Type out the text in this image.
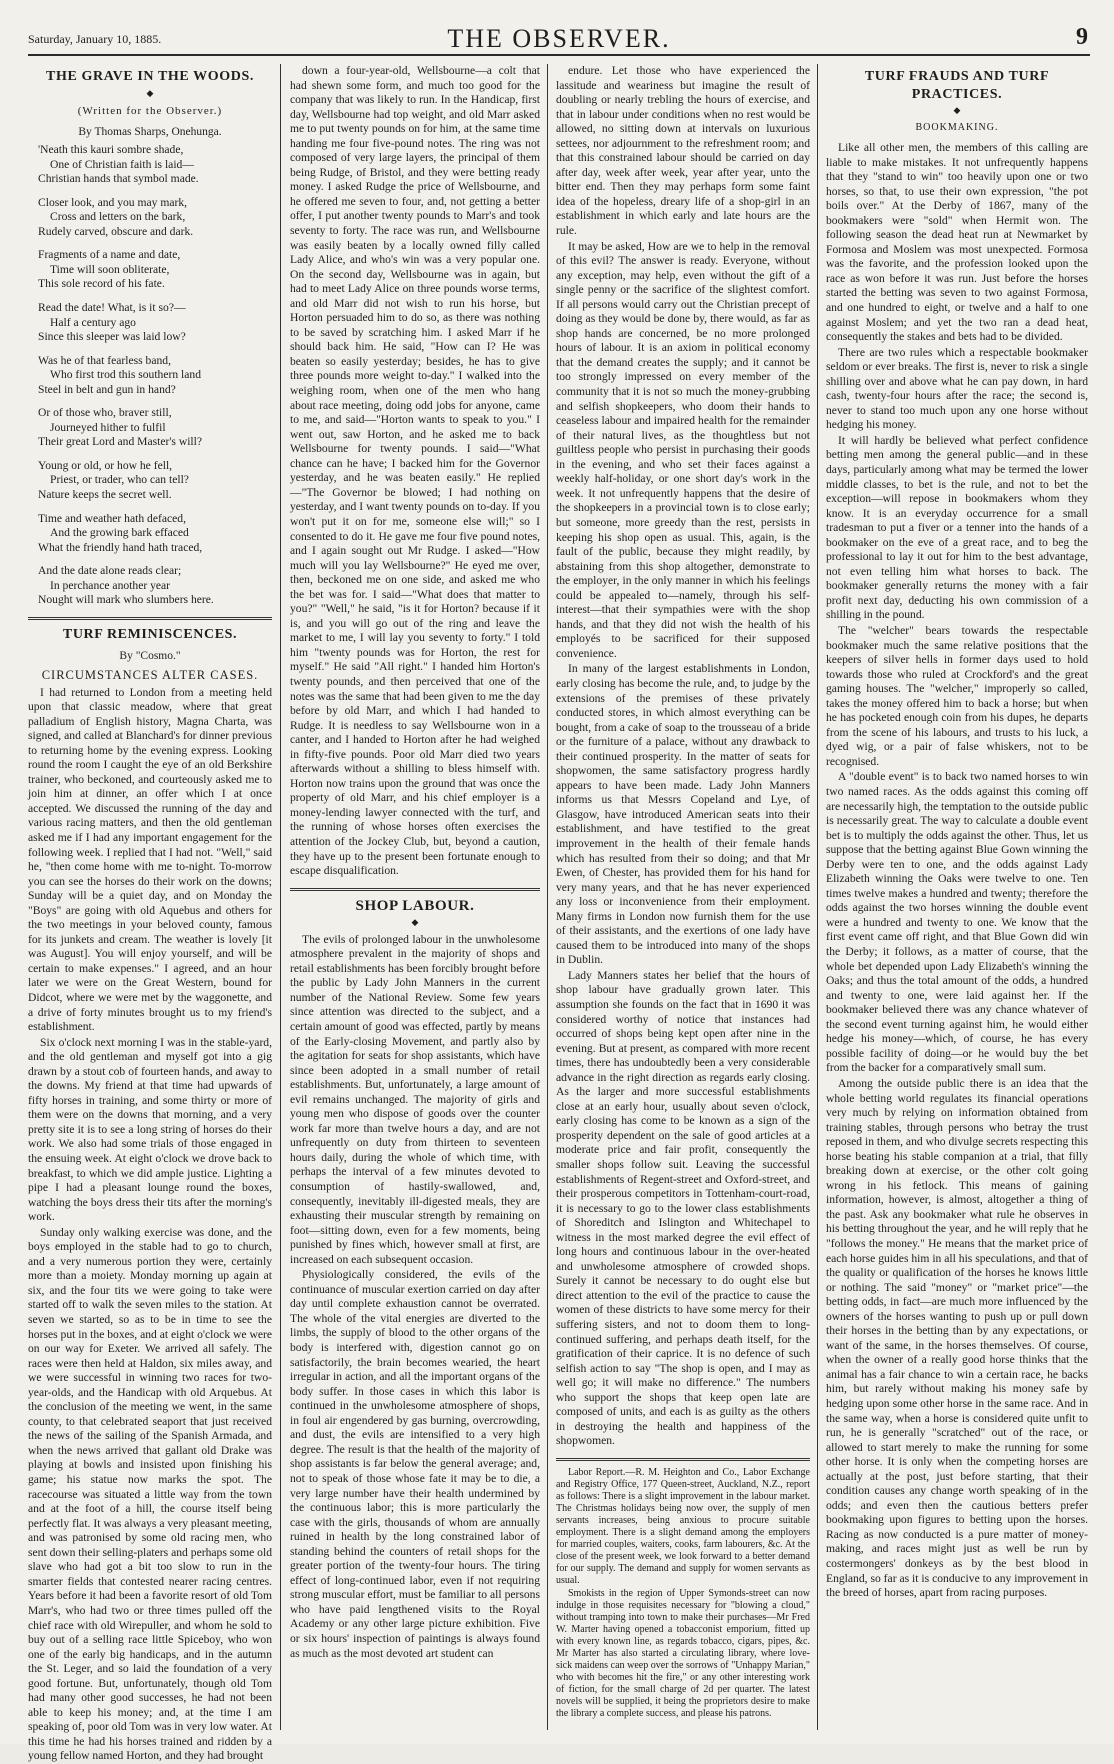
Saturday, January 10, 1885.	THE OBSERVER.	9
THE GRAVE IN THE WOODS.
◆
(Written for the Observer.)
By Thomas Sharps, Onehunga.
'Neath this kauri sombre shade,
One of Christian faith is laid—
Christian hands that symbol made.
Closer look, and you may mark,
Cross and letters on the bark,
Rudely carved, obscure and dark.
Fragments of a name and date,
Time will soon obliterate,
This sole record of his fate.
Read the date! What, is it so?—
Half a century ago
Since this sleeper was laid low?
Was he of that fearless band,
Who first trod this southern land
Steel in belt and gun in hand?
Or of those who, braver still,
Journeyed hither to fulfil
Their great Lord and Master's will?
Young or old, or how he fell,
Priest, or trader, who can tell?
Nature keeps the secret well.
Time and weather hath defaced,
And the growing bark effaced
What the friendly hand hath traced,
And the date alone reads clear;
In perchance another year
Nought will mark who slumbers here.
TURF REMINISCENCES.
By "Cosmo."
CIRCUMSTANCES ALTER CASES.
I had returned to London from a meeting held upon that classic meadow, where that great palladium of English history, Magna Charta, was signed, and called at Blanchard's for dinner previous to returning home by the evening express. Looking round the room I caught the eye of an old Berkshire trainer, who beckoned, and courteously asked me to join him at dinner, an offer which I at once accepted. We discussed the running of the day and various racing matters, and then the old gentleman asked me if I had any important engagement for the following week. I replied that I had not. "Well," said he, "then come home with me to-night. To-morrow you can see the horses do their work on the downs; Sunday will be a quiet day, and on Monday the "Boys" are going with old Aquebus and others for the two meetings in your beloved county, famous for its junkets and cream. The weather is lovely [it was August]. You will enjoy yourself, and will be certain to make expenses." I agreed, and an hour later we were on the Great Western, bound for Didcot, where we were met by the waggonette, and a drive of forty minutes brought us to my friend's establishment.
Six o'clock next morning I was in the stable-yard, and the old gentleman and myself got into a gig drawn by a stout cob of fourteen hands, and away to the downs. My friend at that time had upwards of fifty horses in training, and some thirty or more of them were on the downs that morning, and a very pretty site it is to see a long string of horses do their work. We also had some trials of those engaged in the ensuing week. At eight o'clock we drove back to breakfast, to which we did ample justice. Lighting a pipe I had a pleasant lounge round the boxes, watching the boys dress their tits after the morning's work.
Sunday only walking exercise was done, and the boys employed in the stable had to go to church, and a very numerous portion they were, certainly more than a moiety. Monday morning up again at six, and the four tits we were going to take were started off to walk the seven miles to the station. At seven we started, so as to be in time to see the horses put in the boxes, and at eight o'clock we were on our way for Exeter. We arrived all safely. The races were then held at Haldon, six miles away, and we were successful in winning two races for two-year-olds, and the Handicap with old Arquebus. At the conclusion of the meeting we went, in the same county, to that celebrated seaport that just received the news of the sailing of the Spanish Armada, and when the news arrived that gallant old Drake was playing at bowls and insisted upon finishing his game; his statue now marks the spot. The racecourse was situated a little way from the town and at the foot of a hill, the course itself being perfectly flat. It was always a very pleasant meeting, and was patronised by some old racing men, who sent down their selling-platers and perhaps some old slave who had got a bit too slow to run in the smarter fields that contested nearer racing centres. Years before it had been a favorite resort of old Tom Marr's, who had two or three times pulled off the chief race with old Wirepuller, and whom he sold to buy out of a selling race little Spiceboy, who won one of the early big handicaps, and in the autumn the St. Leger, and so laid the foundation of a very good fortune. But, unfortunately, though old Tom had many other good successes, he had not been able to keep his money; and, at the time I am speaking of, poor old Tom was in very low water. At this time he had his horses trained and ridden by a young fellow named Horton, and they had brought
down a four-year-old, Wellsbourne—a colt that had shewn some form, and much too good for the company that was likely to run. In the Handicap, first day, Wellsbourne had top weight, and old Marr asked me to put twenty pounds on for him, at the same time handing me four five-pound notes. The ring was not composed of very large layers, the principal of them being Rudge, of Bristol, and they were betting ready money. I asked Rudge the price of Wellsbourne, and he offered me seven to four, and, not getting a better offer, I put another twenty pounds to Marr's and took seventy to forty. The race was run, and Wellsbourne was easily beaten by a locally owned filly called Lady Alice, and who's win was a very popular one. On the second day, Wellsbourne was in again, but had to meet Lady Alice on three pounds worse terms, and old Marr did not wish to run his horse, but Horton persuaded him to do so, as there was nothing to be saved by scratching him. I asked Marr if he should back him. He said, "How can I? He was beaten so easily yesterday; besides, he has to give three pounds more weight to-day." I walked into the weighing room, when one of the men who hang about race meeting, doing odd jobs for anyone, came to me, and said—"Horton wants to speak to you." I went out, saw Horton, and he asked me to back Wellsbourne for twenty pounds. I said—"What chance can he have; I backed him for the Governor yesterday, and he was beaten easily." He replied—"The Governor be blowed; I had nothing on yesterday, and I want twenty pounds on to-day. If you won't put it on for me, someone else will;" so I consented to do it. He gave me four five pound notes, and I again sought out Mr Rudge. I asked—"How much will you lay Wellsbourne?" He eyed me over, then, beckoned me on one side, and asked me who the bet was for. I said—"What does that matter to you?" "Well," he said, "is it for Horton? because if it is, and you will go out of the ring and leave the market to me, I will lay you seventy to forty." I told him "twenty pounds was for Horton, the rest for myself." He said "All right." I handed him Horton's twenty pounds, and then perceived that one of the notes was the same that had been given to me the day before by old Marr, and which I had handed to Rudge. It is needless to say Wellsbourne won in a canter, and I handed to Horton after he had weighed in fifty-five pounds. Poor old Marr died two years afterwards without a shilling to bless himself with. Horton now trains upon the ground that was once the property of old Marr, and his chief employer is a money-lending lawyer connected with the turf, and the running of whose horses often exercises the attention of the Jockey Club, but, beyond a caution, they have up to the present been fortunate enough to escape disqualification.
SHOP LABOUR.
◆
The evils of prolonged labour in the unwholesome atmosphere prevalent in the majority of shops and retail establishments has been forcibly brought before the public by Lady John Manners in the current number of the National Review. Some few years since attention was directed to the subject, and a certain amount of good was effected, partly by means of the Early-closing Movement, and partly also by the agitation for seats for shop assistants, which have since been adopted in a small number of retail establishments. But, unfortunately, a large amount of evil remains unchanged. The majority of girls and young men who dispose of goods over the counter work far more than twelve hours a day, and are not unfrequently on duty from thirteen to seventeen hours daily, during the whole of which time, with perhaps the interval of a few minutes devoted to consumption of hastily-swallowed, and, consequently, inevitably ill-digested meals, they are exhausting their muscular strength by remaining on foot—sitting down, even for a few moments, being punished by fines which, however small at first, are increased on each subsequent occasion.
Physiologically considered, the evils of the continuance of muscular exertion carried on day after day until complete exhaustion cannot be overrated. The whole of the vital energies are diverted to the limbs, the supply of blood to the other organs of the body is interfered with, digestion cannot go on satisfactorily, the brain becomes wearied, the heart irregular in action, and all the important organs of the body suffer. In those cases in which this labor is continued in the unwholesome atmosphere of shops, in foul air engendered by gas burning, overcrowding, and dust, the evils are intensified to a very high degree. The result is that the health of the majority of shop assistants is far below the general average; and, not to speak of those whose fate it may be to die, a very large number have their health undermined by the continuous labor; this is more particularly the case with the girls, thousands of whom are annually ruined in health by the long constrained labor of standing behind the counters of retail shops for the greater portion of the twenty-four hours. The tiring effect of long-continued labor, even if not requiring strong muscular effort, must be familiar to all persons who have paid lengthened visits to the Royal Academy or any other large picture exhibition. Five or six hours' inspection of paintings is always found as much as the most devoted art student can
endure. Let those who have experienced the lassitude and weariness but imagine the result of doubling or nearly trebling the hours of exercise, and that in labour under conditions when no rest would be allowed, no sitting down at intervals on luxurious settees, nor adjournment to the refreshment room; and that this constrained labour should be carried on day after day, week after week, year after year, unto the bitter end. Then they may perhaps form some faint idea of the hopeless, dreary life of a shop-girl in an establishment in which early and late hours are the rule.
It may be asked, How are we to help in the removal of this evil? The answer is ready. Everyone, without any exception, may help, even without the gift of a single penny or the sacrifice of the slightest comfort. If all persons would carry out the Christian precept of doing as they would be done by, there would, as far as shop hands are concerned, be no more prolonged hours of labour. It is an axiom in political economy that the demand creates the supply; and it cannot be too strongly impressed on every member of the community that it is not so much the money-grubbing and selfish shopkeepers, who doom their hands to ceaseless labour and impaired health for the remainder of their natural lives, as the thoughtless but not guiltless people who persist in purchasing their goods in the evening, and who set their faces against a weekly half-holiday, or one short day's work in the week. It not unfrequently happens that the desire of the shopkeepers in a provincial town is to close early; but someone, more greedy than the rest, persists in keeping his shop open as usual. This, again, is the fault of the public, because they might readily, by abstaining from this shop altogether, demonstrate to the employer, in the only manner in which his feelings could be appealed to—namely, through his self-interest—that their sympathies were with the shop hands, and that they did not wish the health of his employés to be sacrificed for their supposed convenience.
In many of the largest establishments in London, early closing has become the rule, and, to judge by the extensions of the premises of these privately conducted stores, in which almost everything can be bought, from a cake of soap to the trousseau of a bride or the furniture of a palace, without any drawback to their continued prosperity. In the matter of seats for shopwomen, the same satisfactory progress hardly appears to have been made. Lady John Manners informs us that Messrs Copeland and Lye, of Glasgow, have introduced American seats into their establishment, and have testified to the great improvement in the health of their female hands which has resulted from their so doing; and that Mr Ewen, of Chester, has provided them for his hand for very many years, and that he has never experienced any loss or inconvenience from their employment. Many firms in London now furnish them for the use of their assistants, and the exertions of one lady have caused them to be introduced into many of the shops in Dublin.
Lady Manners states her belief that the hours of shop labour have gradually grown later. This assumption she founds on the fact that in 1690 it was considered worthy of notice that instances had occurred of shops being kept open after nine in the evening. But at present, as compared with more recent times, there has undoubtedly been a very considerable advance in the right direction as regards early closing. As the larger and more successful establishments close at an early hour, usually about seven o'clock, early closing has come to be known as a sign of the prosperity dependent on the sale of good articles at a moderate price and fair profit, consequently the smaller shops follow suit. Leaving the successful establishments of Regent-street and Oxford-street, and their prosperous competitors in Tottenham-court-road, it is necessary to go to the lower class establishments of Shoreditch and Islington and Whitechapel to witness in the most marked degree the evil effect of long hours and continuous labour in the over-heated and unwholesome atmosphere of crowded shops. Surely it cannot be necessary to do ought else but direct attention to the evil of the practice to cause the women of these districts to have some mercy for their suffering sisters, and not to doom them to long-continued suffering, and perhaps death itself, for the gratification of their caprice. It is no defence of such selfish action to say "The shop is open, and I may as well go; it will make no difference." The numbers who support the shops that keep open late are composed of units, and each is as guilty as the others in destroying the health and happiness of the shopwomen.
Labor Report.—R. M. Heighton and Co., Labor Exchange and Registry Office, 177 Queen-street, Auckland, N.Z., report as follows: There is a slight improvement in the labour market. The Christmas holidays being now over, the supply of men servants increases, being anxious to procure suitable employment. There is a slight demand among the employers for married couples, waiters, cooks, farm labourers, &c. At the close of the present week, we look forward to a better demand for our supply. The demand and supply for women servants as usual.
Smokists in the region of Upper Symonds-street can now indulge in those requisites necessary for "blowing a cloud," without tramping into town to make their purchases—Mr Fred W. Marter having opened a tobacconist emporium, fitted up with every known line, as regards tobacco, cigars, pipes, &c. Mr Marter has also started a circulating library, where love-sick maidens can weep over the sorrows of "Unhappy Marian," who with becomes hit the fire," or any other interesting work of fiction, for the small charge of 2d per quarter. The latest novels will be supplied, it being the proprietors desire to make the library a complete success, and please his patrons.
TURF FRAUDS AND TURF PRACTICES.
◆
BOOKMAKING.
Like all other men, the members of this calling are liable to make mistakes. It not unfrequently happens that they "stand to win" too heavily upon one or two horses, so that, to use their own expression, "the pot boils over." At the Derby of 1867, many of the bookmakers were "sold" when Hermit won. The following season the dead heat run at Newmarket by Formosa and Moslem was most unexpected. Formosa was the favorite, and the profession looked upon the race as won before it was run. Just before the horses started the betting was seven to two against Formosa, and one hundred to eight, or twelve and a half to one against Moslem; and yet the two ran a dead heat, consequently the stakes and bets had to be divided.
There are two rules which a respectable bookmaker seldom or ever breaks. The first is, never to risk a single shilling over and above what he can pay down, in hard cash, twenty-four hours after the race; the second is, never to stand too much upon any one horse without hedging his money.
It will hardly be believed what perfect confidence betting men among the general public—and in these days, particularly among what may be termed the lower middle classes, to bet is the rule, and not to bet the exception—will repose in bookmakers whom they know. It is an everyday occurrence for a small tradesman to put a fiver or a tenner into the hands of a bookmaker on the eve of a great race, and to beg the professional to lay it out for him to the best advantage, not even telling him what horses to back. The bookmaker generally returns the money with a fair profit next day, deducting his own commission of a shilling in the pound.
The "welcher" bears towards the respectable bookmaker much the same relative positions that the keepers of silver hells in former days used to hold towards those who ruled at Crockford's and the great gaming houses. The "welcher," improperly so called, takes the money offered him to back a horse; but when he has pocketed enough coin from his dupes, he departs from the scene of his labours, and trusts to his luck, a dyed wig, or a pair of false whiskers, not to be recognised.
A "double event" is to back two named horses to win two named races. As the odds against this coming off are necessarily high, the temptation to the outside public is necessarily great. The way to calculate a double event bet is to multiply the odds against the other. Thus, let us suppose that the betting against Blue Gown winning the Derby were ten to one, and the odds against Lady Elizabeth winning the Oaks were twelve to one. Ten times twelve makes a hundred and twenty; therefore the odds against the two horses winning the double event were a hundred and twenty to one. We know that the first event came off right, and that Blue Gown did win the Derby; it follows, as a matter of course, that the whole bet depended upon Lady Elizabeth's winning the Oaks; and thus the total amount of the odds, a hundred and twenty to one, were laid against her. If the bookmaker believed there was any chance whatever of the second event turning against him, he would either hedge his money—which, of course, he has every possible facility of doing—or he would buy the bet from the backer for a comparatively small sum.
Among the outside public there is an idea that the whole betting world regulates its financial operations very much by relying on information obtained from training stables, through persons who betray the trust reposed in them, and who divulge secrets respecting this horse beating his stable companion at a trial, that filly breaking down at exercise, or the other colt going wrong in his fetlock. This means of gaining information, however, is almost, altogether a thing of the past. Ask any bookmaker what rule he observes in his betting throughout the year, and he will reply that he "follows the money." He means that the market price of each horse guides him in all his speculations, and that of the quality or qualification of the horses he knows little or nothing. The said "money" or "market price"—the betting odds, in fact—are much more influenced by the owners of the horses wanting to push up or pull down their horses in the betting than by any expectations, or want of the same, in the horses themselves. Of course, when the owner of a really good horse thinks that the animal has a fair chance to win a certain race, he backs him, but rarely without making his money safe by hedging upon some other horse in the same race. And in the same way, when a horse is considered quite unfit to run, he is generally "scratched" out of the race, or allowed to start merely to make the running for some other horse. It is only when the competing horses are actually at the post, just before starting, that their condition causes any change worth speaking of in the odds; and even then the cautious betters prefer bookmaking upon figures to betting upon the horses. Racing as now conducted is a pure matter of money-making, and races might just as well be run by costermongers' donkeys as by the best blood in England, so far as it is conducive to any improvement in the breed of horses, apart from racing purposes.
